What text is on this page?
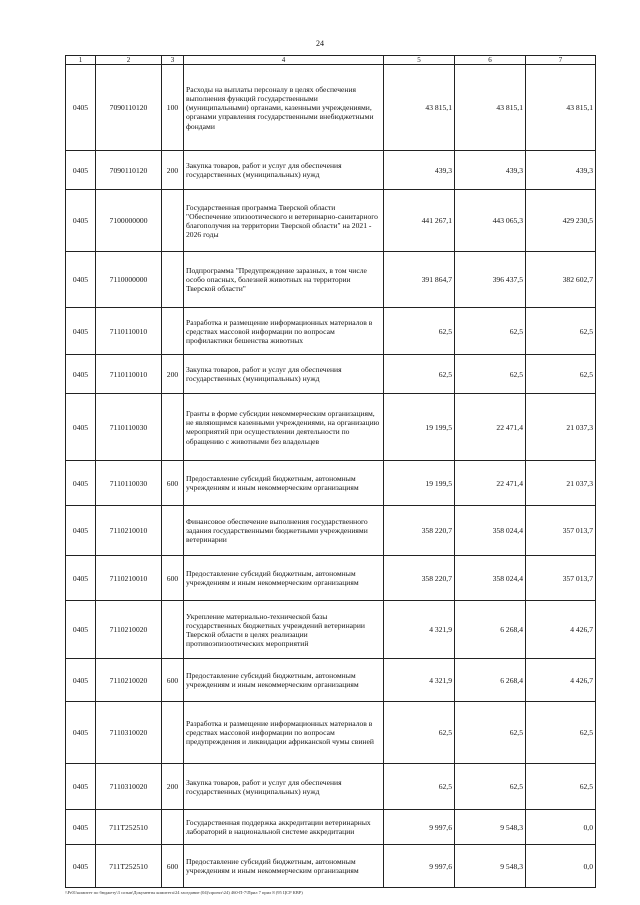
24
1	2	3	4	5	6	7
0405	7090110120	100	Расходы на выплаты персоналу в целях обеспечения выполнения функций государственными (муниципальными) органами, казенными учреждениями, органами управления государственными внебюджетными фондами	43 815,1	43 815,1	43 815,1
0405	7090110120	200	Закупка товаров, работ и услуг для обеспечения государственных (муниципальных) нужд	439,3	439,3	439,3
0405	7100000000		Государственная программа Тверской области "Обеспечение эпизоотического и ветеринарно-санитарного благополучия на территории Тверской области" на 2021 - 2026 годы	441 267,1	443 065,3	429 230,5
0405	7110000000		Подпрограмма "Предупреждение заразных, в том числе особо опасных, болезней животных на территории Тверской области"	391 864,7	396 437,5	382 602,7
0405	7110110010		Разработка и размещение информационных материалов в средствах массовой информации по вопросам профилактики бешенства животных	62,5	62,5	62,5
0405	7110110010	200	Закупка товаров, работ и услуг для обеспечения государственных (муниципальных) нужд	62,5	62,5	62,5
0405	7110110030		Гранты в форме субсидии некоммерческим организациям, не являющимся казенными учреждениями, на организацию мероприятий при осуществлении деятельности по обращению с животными без владельцев	19 199,5	22 471,4	21 037,3
0405	7110110030	600	Предоставление субсидий бюджетным, автономным учреждениям и иным некоммерческим организациям	19 199,5	22 471,4	21 037,3
0405	7110210010		Финансовое обеспечение выполнения государственного задания государственными бюджетными учреждениями ветеринарии	358 220,7	358 024,4	357 013,7
0405	7110210010	600	Предоставление субсидий бюджетным, автономным учреждениям и иным некоммерческим организациям	358 220,7	358 024,4	357 013,7
0405	7110210020		Укрепление материально-технической базы государственных бюджетных учреждений ветеринарии Тверской области в целях реализации противоэпизоотических мероприятий	4 321,9	6 268,4	4 426,7
0405	7110210020	600	Предоставление субсидий бюджетным, автономным учреждениям и иным некоммерческим организациям	4 321,9	6 268,4	4 426,7
0405	7110310020		Разработка и размещение информационных материалов в средствах массовой информации по вопросам предупреждения и ликвидации африканской чумы свиней	62,5	62,5	62,5
0405	7110310020	200	Закупка товаров, работ и услуг для обеспечения государственных (муниципальных) нужд	62,5	62,5	62,5
0405	711T252510		Государственная поддержка аккредитации ветеринарных лабораторий в национальной системе аккредитации	9 997,6	9 548,3	0,0
0405	711T252510	600	Предоставление субсидий бюджетным, автономным учреждениям и иным некоммерческим организациям	9 997,6	9 548,3	0,0
\\Pr01\комитет по бюджету\3 созыв\Документы комитета\24 заседание (04)\проект\24) 460-П-7\Прил 7 прил 8 (95 ЦСР КВР)
